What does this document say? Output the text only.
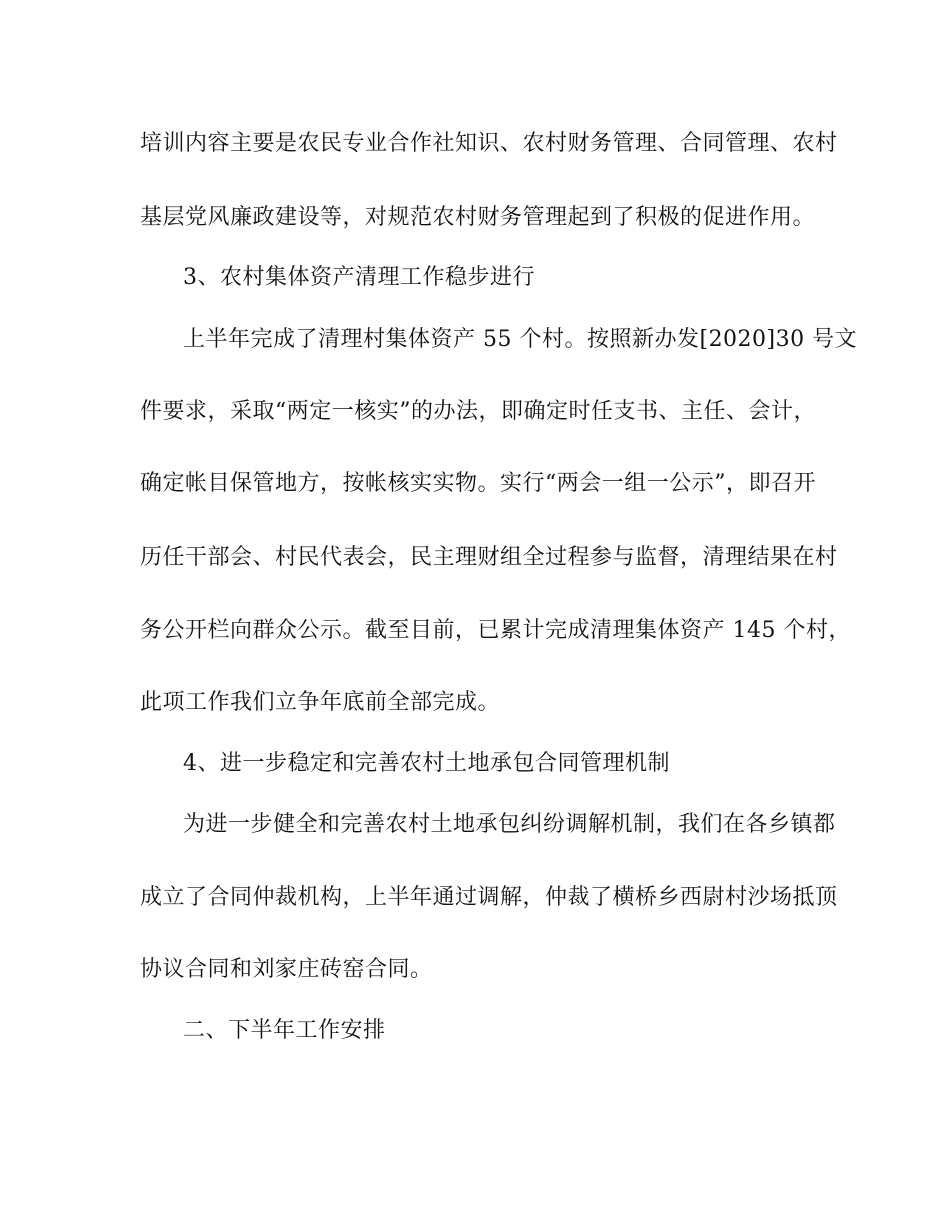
培训内容主要是农民专业合作社知识、农村财务管理、合同管理、农村
基层党风廉政建设等，对规范农村财务管理起到了积极的促进作用。
3、农村集体资产清理工作稳步进行
上半年完成了清理村集体资产 55 个村。按照新办发[2020]30 号文
件要求，采取“两定一核实”的办法，即确定时任支书、主任、会计，
确定帐目保管地方，按帐核实实物。实行“两会一组一公示”，即召开
历任干部会、村民代表会，民主理财组全过程参与监督，清理结果在村
务公开栏向群众公示。截至目前，已累计完成清理集体资产 145 个村，
此项工作我们立争年底前全部完成。
4、进一步稳定和完善农村土地承包合同管理机制
为进一步健全和完善农村土地承包纠纷调解机制，我们在各乡镇都
成立了合同仲裁机构，上半年通过调解，仲裁了横桥乡西尉村沙场抵顶
协议合同和刘家庄砖窑合同。
二、下半年工作安排
